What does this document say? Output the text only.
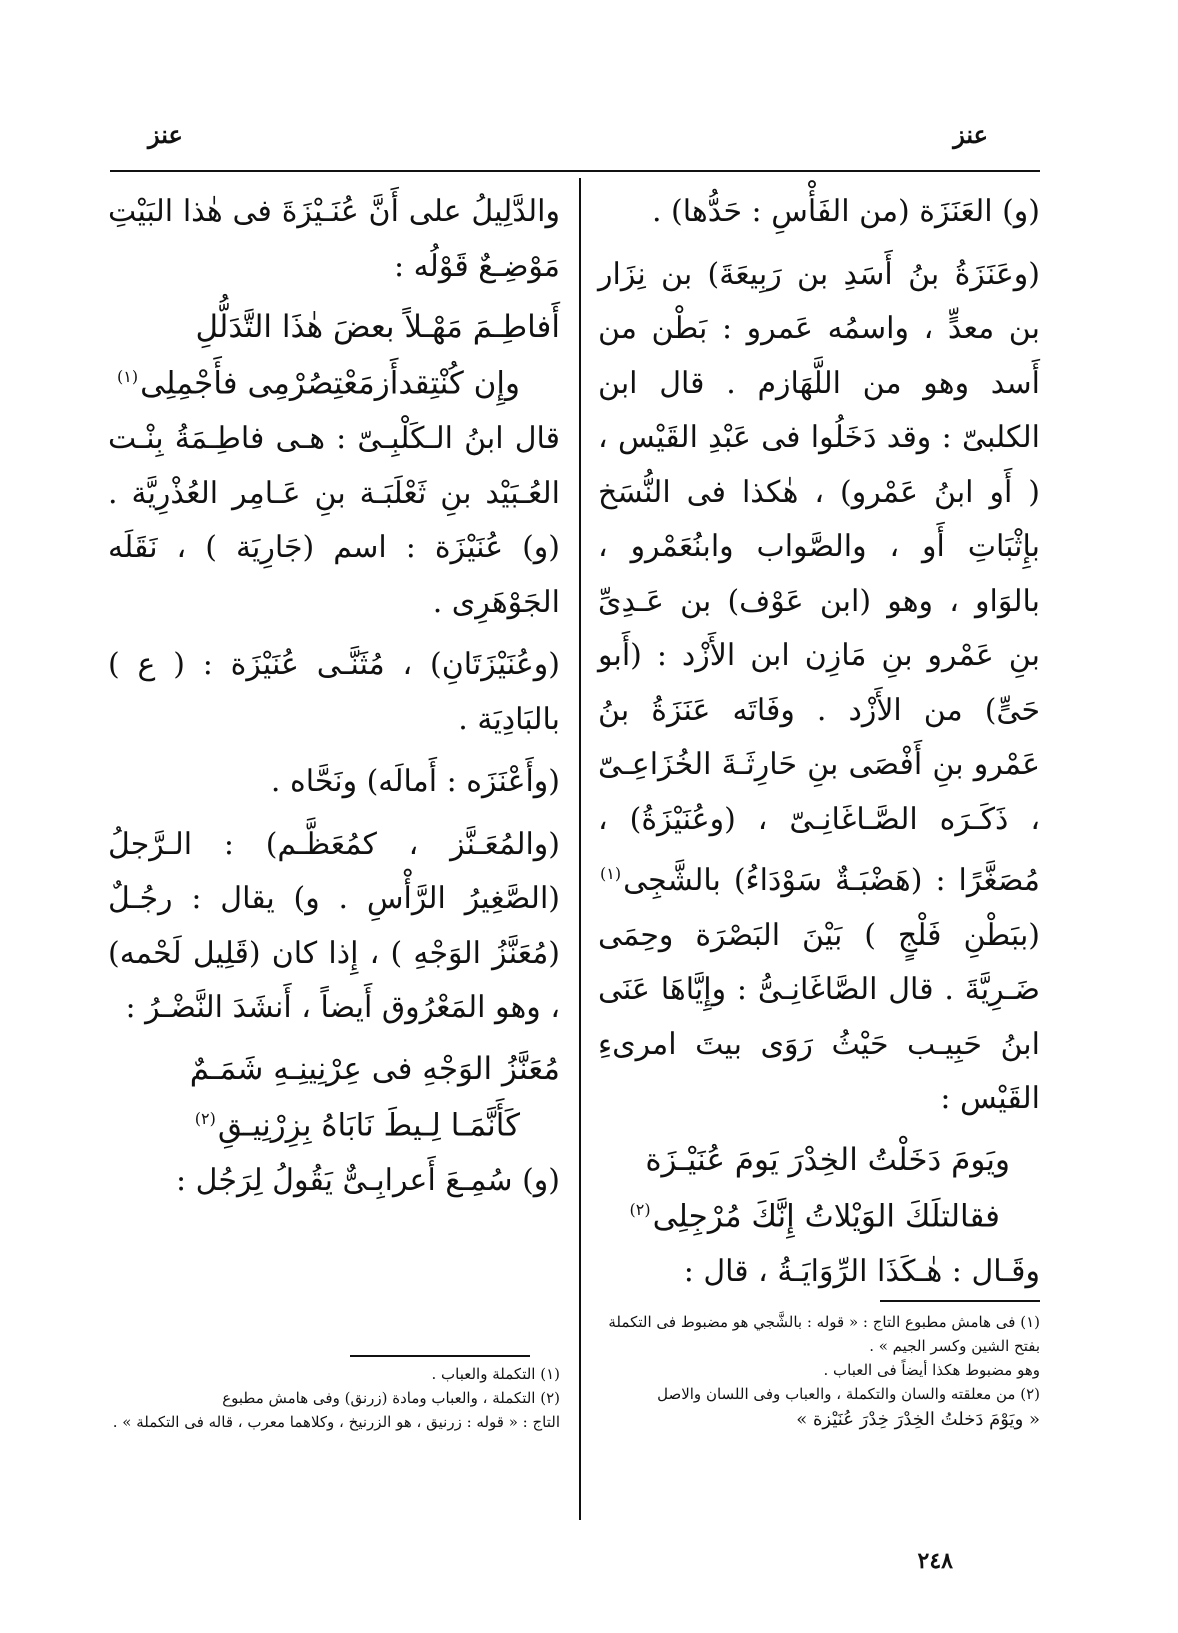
عنز
عنز

(و) العَنَزَة (من الفَأْسِ : حَدُّها) .

(وعَنَزَةُ بنُ أَسَدِ بن رَبِيعَةَ) بن نِزَار بن معدٍّ ، واسمُه عَمرو : بَطْن من أَسد وهو من اللَّهَازم . قال ابن الكلبىّ : وقد دَخَلُوا فى عَبْدِ القَيْس ، ( أَو ابنُ عَمْرو) ، هٰكذا فى النُّسَخ بإِثْبَاتِ أَو ، والصَّواب وابنُعَمْرو ، بالوَاو ، وهو (ابن عَوْف) بن عَـدِىِّ بنِ عَمْرو بنِ مَازِن ابن الأَزْد : (أَبو حَىٍّ) من الأَزْد . وفَاتَه عَنَزَةُ بنُ عَمْرو بنِ أَفْصَى بنِ حَارِثَـةَ الخُزَاعِـىّ ، ذَكَـرَه الصَّـاغَانِـىّ ، (وعُنَيْزَةُ) ، مُصَغَّرًا : (هَضْبَـةٌ سَوْدَاءُ) بالشَّجِى$^{(١)}$ (ببَطْنِ فَلْجٍ ) بَيْنَ البَصْرَة وحِمَى ضَـرِيَّةَ . قال الصَّاغَانِـىُّ : وإِيَّاهَا عَنَى ابنُ حَبِيـب حَيْثُ رَوَى بيتَ امرىءِ القَيْس :

ويَومَ دَخَلْتُ الخِدْرَ يَومَ عُنَيْـزَة
فقالتلَكَ الوَيْلاتُ إِنَّكَ مُرْجِلِى$^{(٢)}$

وقَـال : هٰـكَذَا الرِّوَايَـةُ ، قال :

(١) فى هامش مطبوع التاج : « قوله : بالشَّجي هو مضبوط فى التكملة بفتح الشين وكسر الجيم » .

وهو مضبوط هكذا أيضاً فى العباب .

(٢) من معلقته والسان والتكملة ، والعباب وفى اللسان والاصل

« ويَوْمَ دَخلتُ الخِدْرَ خِدْرَ عُنَيْزة »

والدَّلِيلُ على أَنَّ عُنَـيْزَةَ فى هٰذا البَيْتِ مَوْضِـعٌ قَوْلُه :

أَفاطِـمَ مَهْـلاً بعضَ هٰذَا التَّدَلُّلِ
وإِن كُنْتِقدأَزمَعْتِصُرْمِى فأَجْمِلِى$^{(١)}$

قال ابنُ الـكَلْبِـىّ : هـى فاطِـمَةُ بِنْـت العُـبَيْد بنِ ثَعْلَبَـة بنِ عَـامِر العُذْرِيَّة . (و) عُنَيْزَة : اسم (جَارِيَة ) ، نَقَلَه الجَوْهَرِى .

(وعُنَيْزَتَانِ) ، مُثَنَّـى عُنَيْزَة : ( ع ) بالبَادِيَة .

(وأَعْنَزَه : أَمالَه) ونَحَّاه .

(والمُعَـنَّز ، كمُعَظَّـم) : الـرَّجلُ (الصَّغِيرُ الرَّأْسِ . و) يقال : رجُـلٌ (مُعَنَّزُ الوَجْهِ ) ، إِذا كان (قَلِيل لَحْمه) ، وهو المَعْرُوق أَيضاً ، أَنشَدَ النَّضْـرُ :

مُعَنَّزُ الوَجْهِ فى عِرْنِينِـهِ شَمَـمٌ
كَأَنَّمَـا لِـيطَ نَابَاهُ بِزِرْنِيـقِ$^{(٢)}$

(و) سُمِـعَ أَعرابِـىٌّ يَقُولُ لِرَجُل :

(١) التكملة والعباب .

(٢) التكملة ، والعباب ومادة (زرنق) وفى هامش مطبوع

التاج : « قوله : زرنيق ، هو الزرنيخ ، وكلاهما معرب ، قاله فى التكملة » .

٢٤٨
